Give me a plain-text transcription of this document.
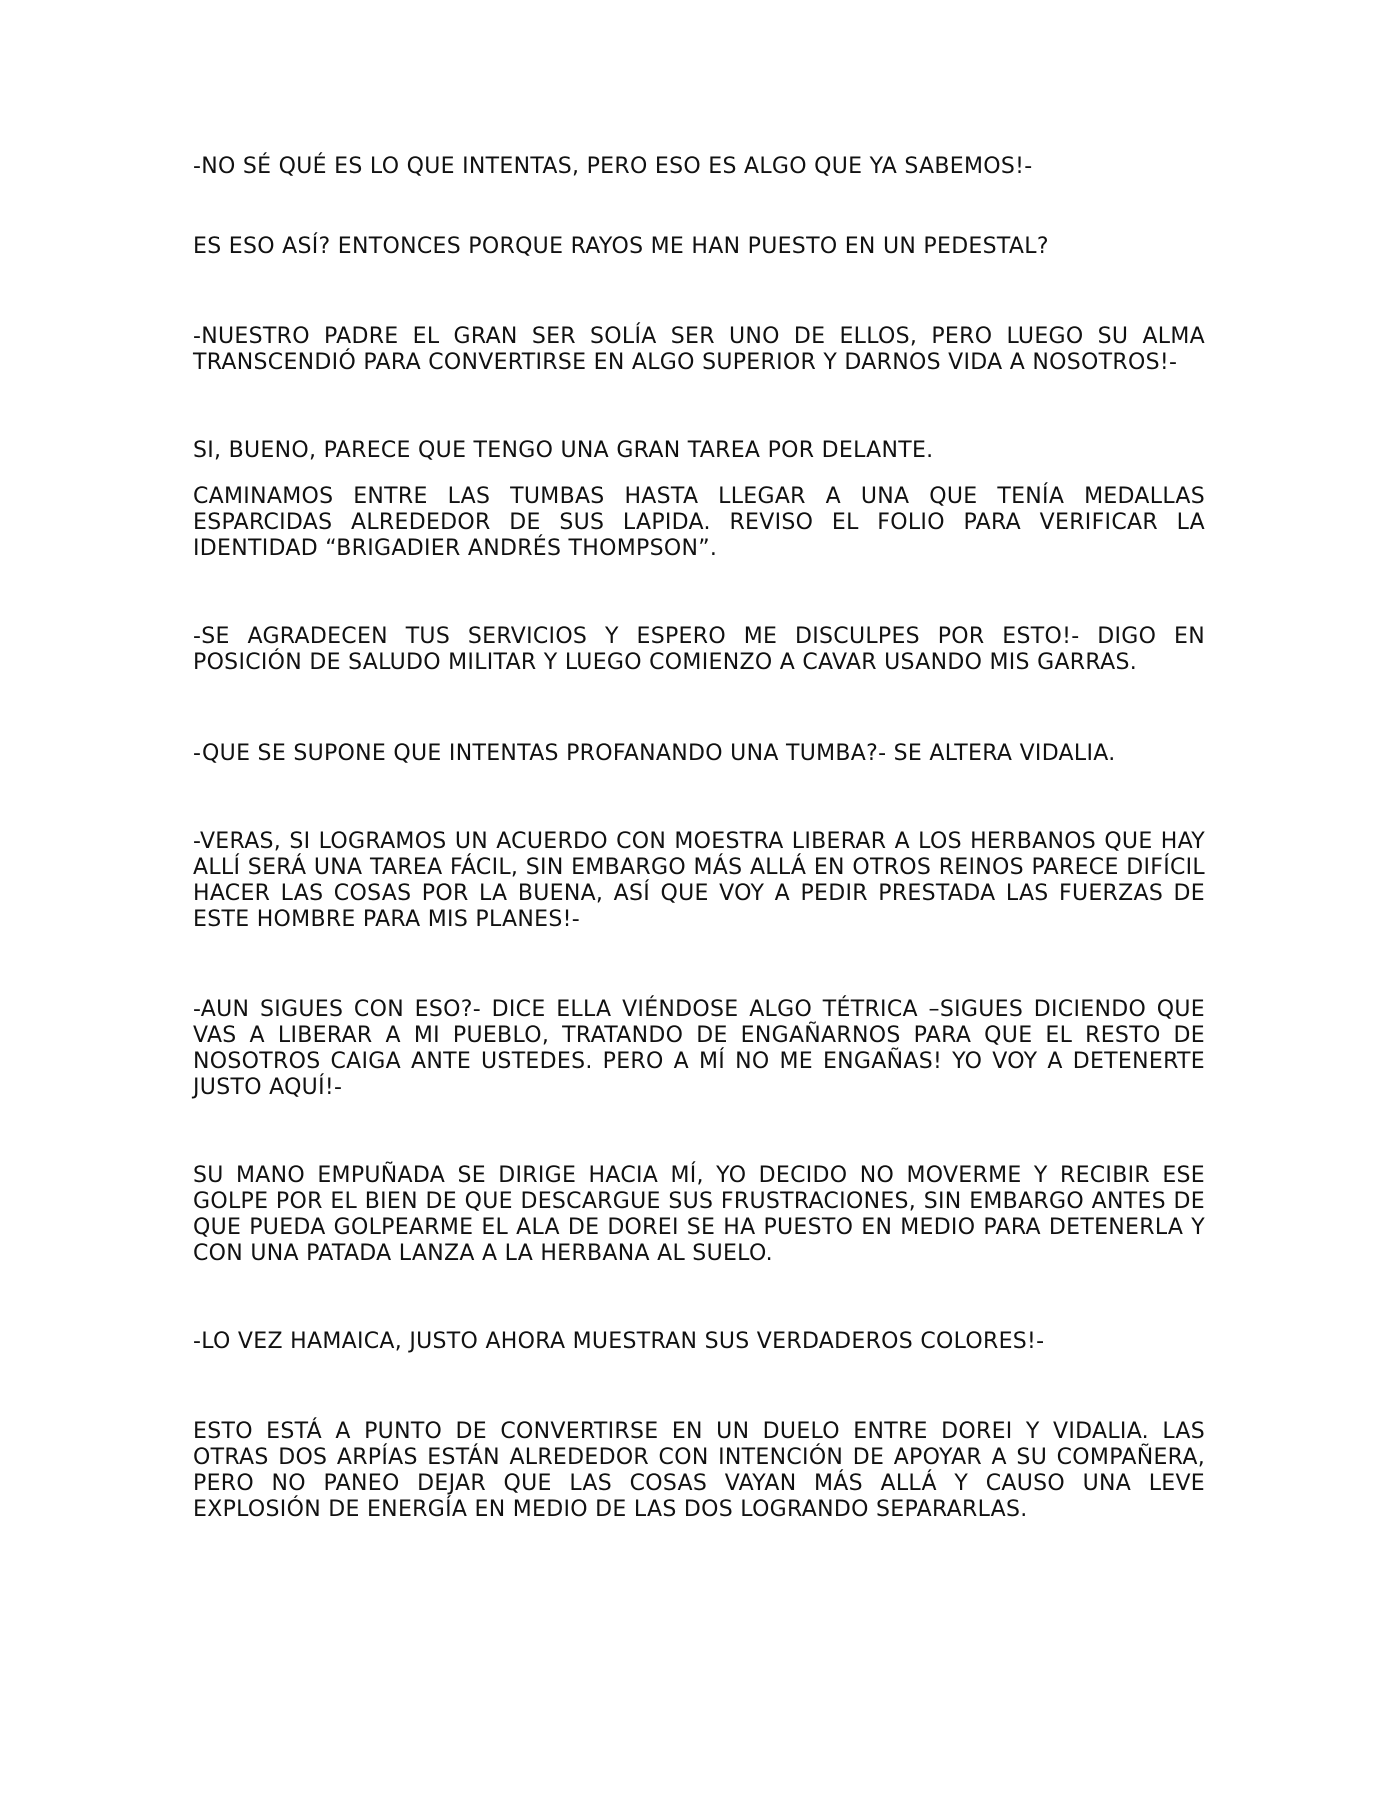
-NO SÉ QUÉ ES LO QUE INTENTAS, PERO ESO ES ALGO QUE YA SABEMOS!-

ES ESO ASÍ? ENTONCES PORQUE RAYOS ME HAN PUESTO EN UN PEDESTAL?

-NUESTRO PADRE EL GRAN SER SOLÍA SER UNO DE ELLOS, PERO LUEGO SU ALMA TRANSCENDIÓ PARA CONVERTIRSE EN ALGO SUPERIOR Y DARNOS VIDA A NOSOTROS!-

SI, BUENO, PARECE QUE TENGO UNA GRAN TAREA POR DELANTE.

CAMINAMOS ENTRE LAS TUMBAS HASTA LLEGAR A UNA QUE TENÍA MEDALLAS ESPARCIDAS ALREDEDOR DE SUS LAPIDA. REVISO EL FOLIO PARA VERIFICAR LA IDENTIDAD “BRIGADIER ANDRÉS THOMPSON”.

-SE AGRADECEN TUS SERVICIOS Y ESPERO ME DISCULPES POR ESTO!- DIGO EN POSICIÓN DE SALUDO MILITAR Y LUEGO COMIENZO A CAVAR USANDO MIS GARRAS.

-QUE SE SUPONE QUE INTENTAS PROFANANDO UNA TUMBA?- SE ALTERA VIDALIA.

-VERAS, SI LOGRAMOS UN ACUERDO CON MOESTRA LIBERAR A LOS HERBANOS QUE HAY ALLÍ SERÁ UNA TAREA FÁCIL, SIN EMBARGO MÁS ALLÁ EN OTROS REINOS PARECE DIFÍCIL HACER LAS COSAS POR LA BUENA, ASÍ QUE VOY A PEDIR PRESTADA LAS FUERZAS DE ESTE HOMBRE PARA MIS PLANES!-

-AUN SIGUES CON ESO?- DICE ELLA VIÉNDOSE ALGO TÉTRICA –SIGUES DICIENDO QUE VAS A LIBERAR A MI PUEBLO, TRATANDO DE ENGAÑARNOS PARA QUE EL RESTO DE NOSOTROS CAIGA ANTE USTEDES. PERO A MÍ NO ME ENGAÑAS! YO VOY A DETENERTE JUSTO AQUÍ!-

SU MANO EMPUÑADA SE DIRIGE HACIA MÍ, YO DECIDO NO MOVERME Y RECIBIR ESE GOLPE POR EL BIEN DE QUE DESCARGUE SUS FRUSTRACIONES, SIN EMBARGO ANTES DE QUE PUEDA GOLPEARME EL ALA DE DOREI SE HA PUESTO EN MEDIO PARA DETENERLA Y CON UNA PATADA LANZA A LA HERBANA AL SUELO.

-LO VEZ HAMAICA, JUSTO AHORA MUESTRAN SUS VERDADEROS COLORES!-

ESTO ESTÁ A PUNTO DE CONVERTIRSE EN UN DUELO ENTRE DOREI Y VIDALIA. LAS OTRAS DOS ARPÍAS ESTÁN ALREDEDOR CON INTENCIÓN DE APOYAR A SU COMPAÑERA, PERO NO PANEO DEJAR QUE LAS COSAS VAYAN MÁS ALLÁ Y CAUSO UNA LEVE EXPLOSIÓN DE ENERGÍA EN MEDIO DE LAS DOS LOGRANDO SEPARARLAS.
